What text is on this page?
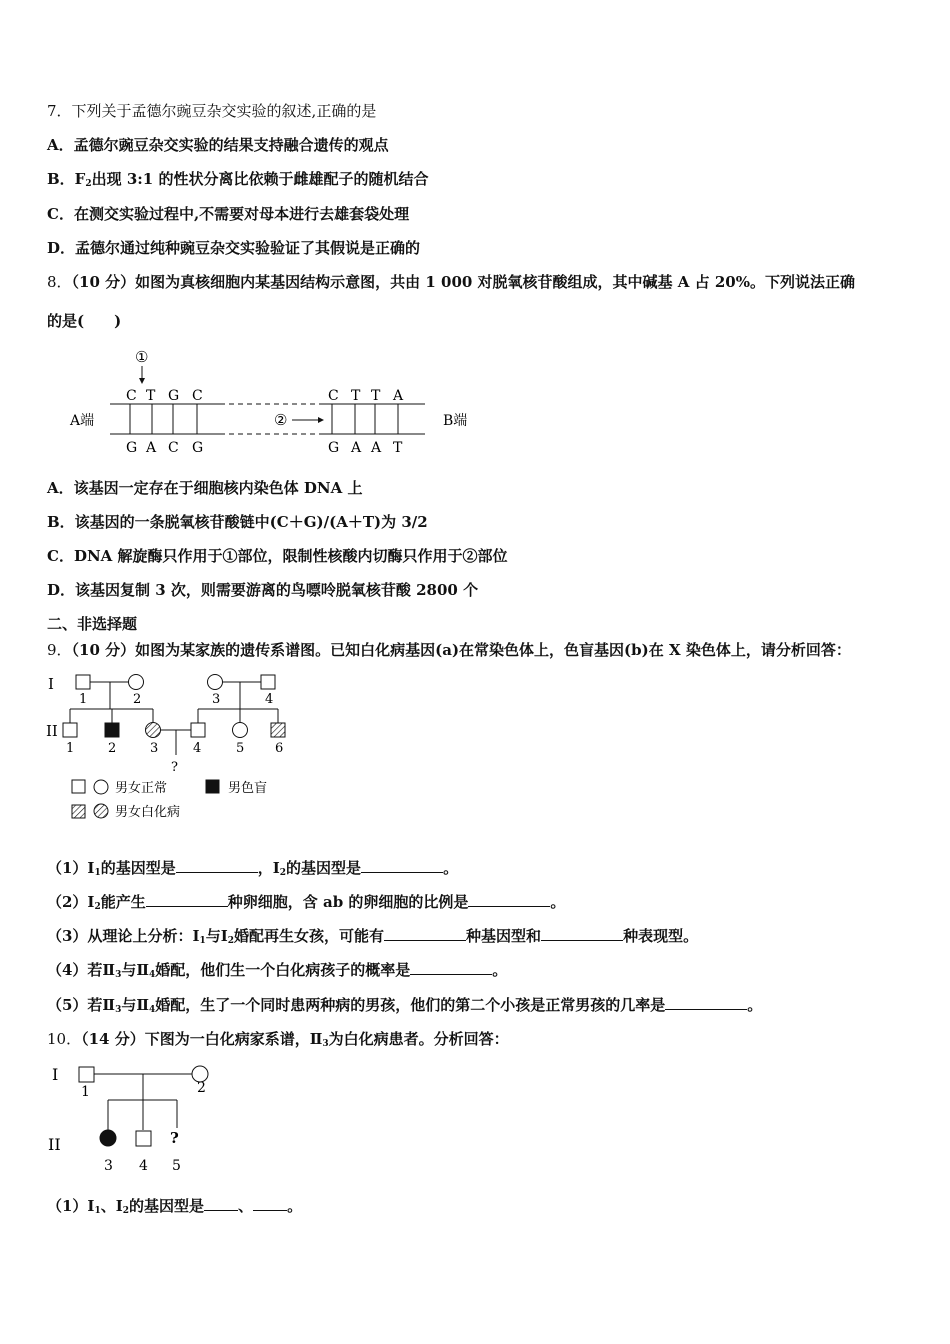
7．下列关于孟德尔豌豆杂交实验的叙述,正确的是
A．孟德尔豌豆杂交实验的结果支持融合遗传的观点
B．$F_2$出现 3:1 的性状分离比依赖于雌雄配子的随机结合
C．在测交实验过程中,不需要对母本进行去雄套袋处理
D．孟德尔通过纯种豌豆杂交实验验证了其假说是正确的
8．（10 分）如图为真核细胞内某基因结构示意图，共由 1 000 对脱氧核苷酸组成，其中碱基 A 占 20%。下列说法正确
的是(　　)
①
C T G C	C T T A
A端	B端
②
G A C G	G A A T
A．该基因一定存在于细胞核内染色体 DNA 上
B．该基因的一条脱氧核苷酸链中(C＋G)/(A＋T)为 3/2
C．DNA 解旋酶只作用于①部位，限制性核酸内切酶只作用于②部位
D．该基因复制 3 次，则需要游离的鸟嘌呤脱氧核苷酸 2800 个
二、非选择题
9．（10 分）如图为某家族的遗传系谱图。已知白化病基因(a)在常染色体上，色盲基因(b)在 X 染色体上，请分析回答：
I
II
1	2	3	4
1	2	3	4	5 6
?
男女正常	男色盲
男女白化病
$(1)Ⅰ_1$的基因型是	，$Ⅰ_2$的基因型是	。
$(2)Ⅰ_2$能产生	种卵细胞，含 ab 的卵细胞的比例是	。
（3）从理论上分析：$Ⅰ_1$与$Ⅰ_2$婚配再生女孩，可能有	种基因型和	种表现型。
（4）若$Ⅱ_3$与$Ⅱ_4$婚配，他们生一个白化病孩子的概率是	。
（5）若$Ⅱ_3$与$Ⅱ_4$婚配，生了一个同时患两种病的男孩，他们的第二个小孩是正常男孩的几率是	。
10．（14 分）下图为一白化病家系谱，$Ⅱ_3$为白化病患者。分析回答：
I
II
1	2
?
3 4 5
$(1)Ⅰ_1$、$Ⅰ_2$的基因型是 、 。
